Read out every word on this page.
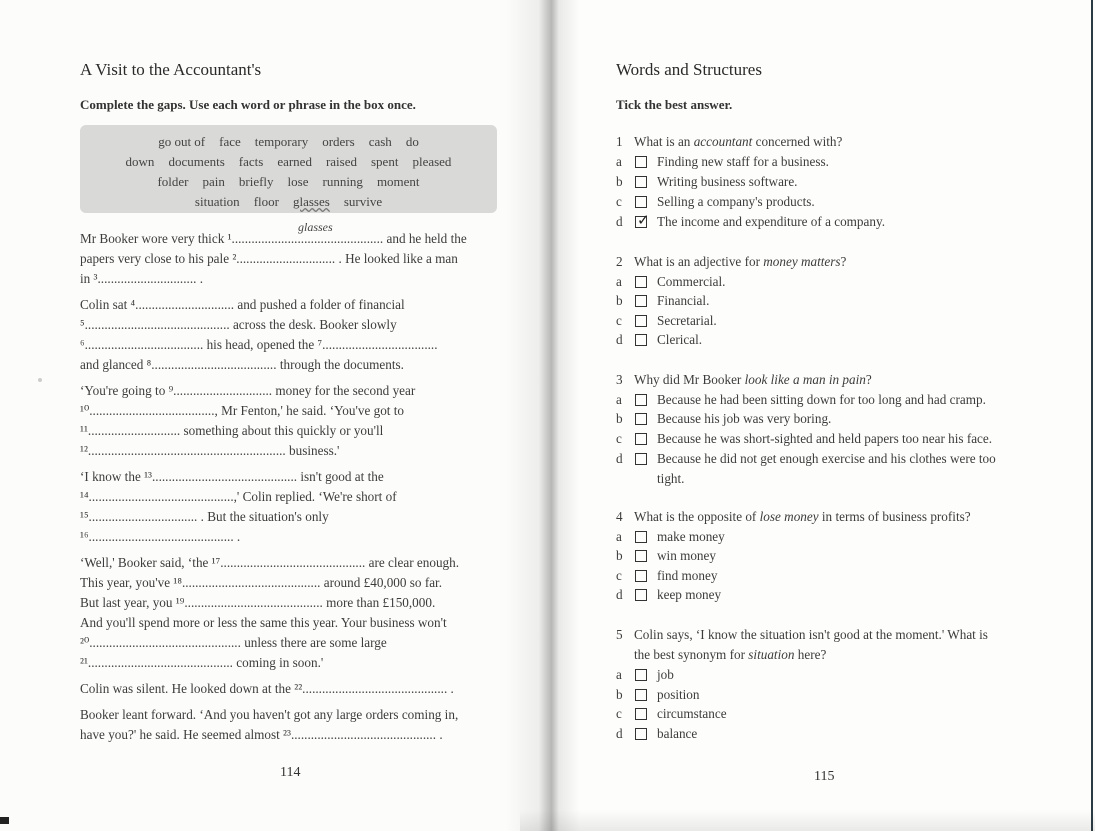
A Visit to the Accountant's

Complete the gaps. Use each word or phrase in the box once.

go out of face temporary orders cash do
down documents facts earned raised spent pleased
folder pain briefly lose running moment
situation floor glasses survive
glasses
Mr Booker wore very thick ¹.............................................. and he held the
papers very close to his pale ².............................. . He looked like a man
in ³.............................. .
Colin sat ⁴.............................. and pushed a folder of financial
⁵............................................ across the desk. Booker slowly
⁶.................................... his head, opened the ⁷...................................
and glanced ⁸...................................... through the documents.
‘You're going to ⁹.............................. money for the second year
¹⁰......................................, Mr Fenton,' he said. ‘You've got to
¹¹............................ something about this quickly or you'll
¹²............................................................ business.'
‘I know the ¹³............................................ isn't good at the
¹⁴............................................,' Colin replied. ‘We're short of
¹⁵................................. . But the situation's only
¹⁶............................................ .
‘Well,' Booker said, ‘the ¹⁷............................................ are clear enough.
This year, you've ¹⁸.......................................... around £40,000 so far.
But last year, you ¹⁹.......................................... more than £150,000.
And you'll spend more or less the same this year. Your business won't
²⁰.............................................. unless there are some large
²¹............................................ coming in soon.'
Colin was silent. He looked down at the ²²............................................ .
Booker leant forward. ‘And you haven't got any large orders coming in,
have you?' he said. He seemed almost ²³............................................ .
114
Words and Structures

Tick the best answer.

1 What is an accountant concerned with?
a	Finding new staff for a business.
b	Writing business software.
c	Selling a company's products.
d ✓ The income and expenditure of a company.
2 What is an adjective for money matters?
a	Commercial.
b	Financial.
c	Secretarial.
d	Clerical.
3 Why did Mr Booker look like a man in pain?
a	Because he had been sitting down for too long and had cramp.
b	Because his job was very boring.
c	Because he was short-sighted and held papers too near his face.
d	Because he did not get enough exercise and his clothes were too
tight.
4 What is the opposite of lose money in terms of business profits?
a	make money
b	win money
c	find money
d	keep money
5 Colin says, ‘I know the situation isn't good at the moment.' What is
the best synonym for situation here?
a	job
b	position
c	circumstance
d	balance
115
